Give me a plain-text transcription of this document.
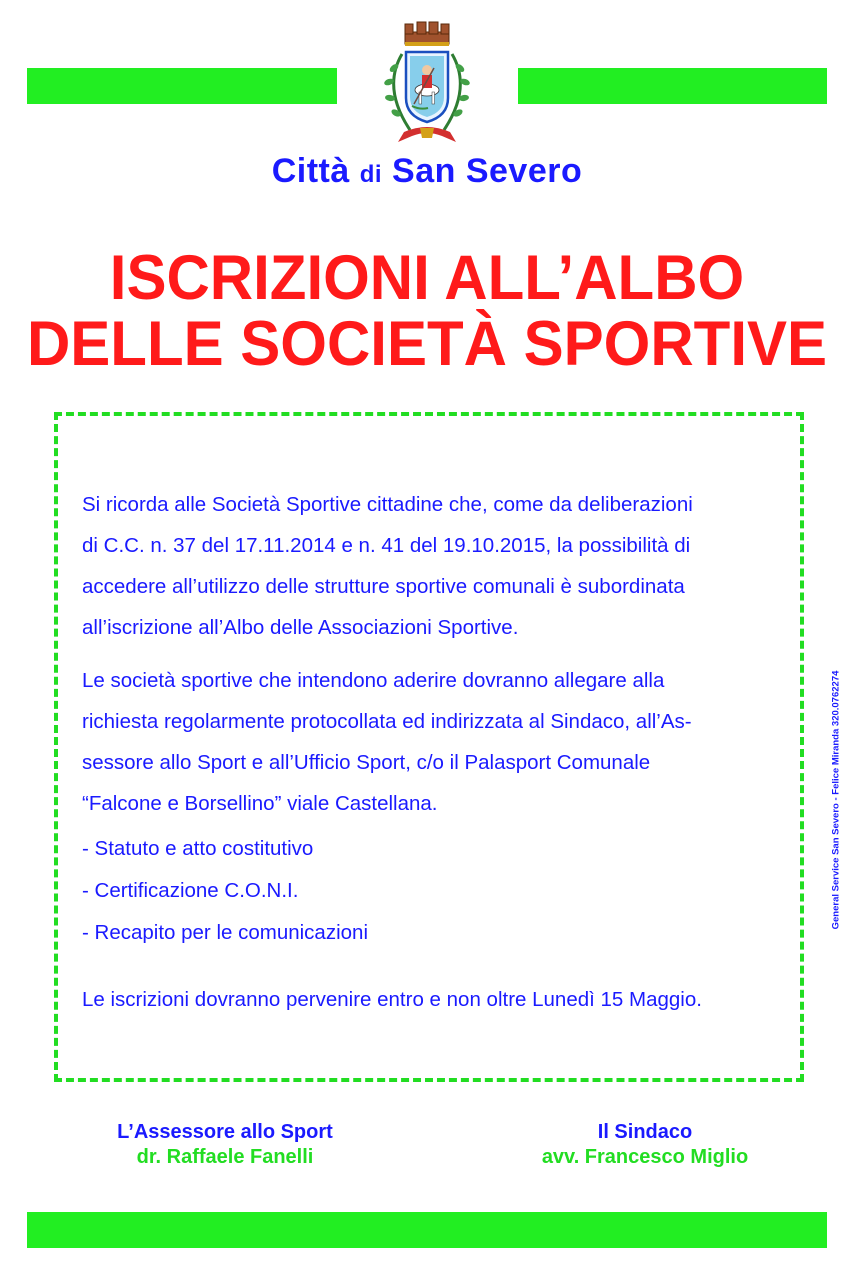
Città di San Severo
ISCRIZIONI ALL’ALBO
DELLE SOCIETÀ SPORTIVE
Si ricorda alle Società Sportive cittadine che, come da deliberazioni
di C.C. n. 37 del 17.11.2014 e n. 41 del 19.10.2015, la possibilità di
accedere all’utilizzo delle strutture sportive comunali è subordinata
all’iscrizione all’Albo delle Associazioni Sportive.
Le società sportive che intendono aderire dovranno allegare alla
richiesta regolarmente protocollata ed indirizzata al Sindaco, all’As-
sessore allo Sport e all’Ufficio Sport, c/o il Palasport Comunale
“Falcone e Borsellino” viale Castellana.
- Statuto e atto costitutivo
- Certificazione C.O.N.I.
- Recapito per le comunicazioni
Le iscrizioni dovranno pervenire entro e non oltre Lunedì 15 Maggio.
L’Assessore allo Sport
dr. Raffaele Fanelli
Il Sindaco
avv. Francesco Miglio
General Service San Severo - Felice Miranda 320.0762274
